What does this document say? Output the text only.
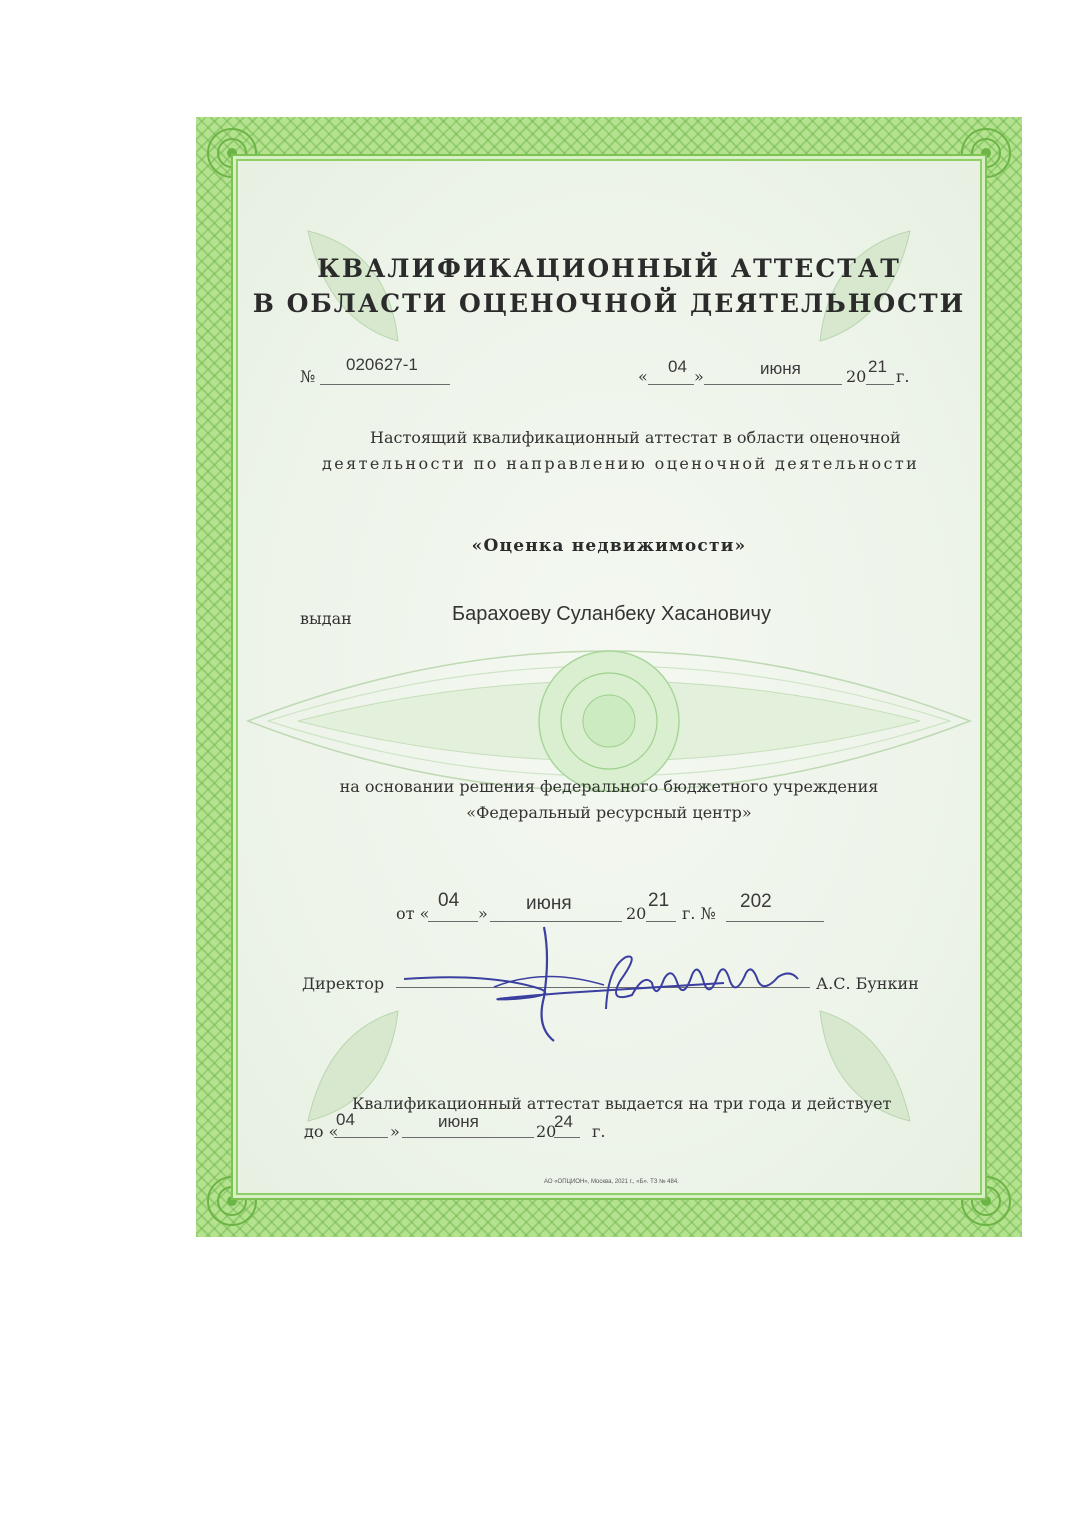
КВАЛИФИКАЦИОННЫЙ АТТЕСТАТ
В ОБЛАСТИ ОЦЕНОЧНОЙ ДЕЯТЕЛЬНОСТИ
№
020627-1
«
04
»	июня	20
21
г.
Настоящий квалификационный аттестат в области оценочной
деятельности по направлению оценочной деятельности
«Оценка недвижимости»
выдан	Барахоеву Суланбеку Хасановичу
на основании решения федерального бюджетного учреждения
«Федеральный ресурсный центр»
от «
04
» июня	20
21
г. №
202
Директор	А.С. Бункин
Квалификационный аттестат выдается на три года и действует
до «
04
»
июня
20
24
г.
АО «ОПЦИОН», Москва, 2021 г., «Б». ТЗ № 484.
